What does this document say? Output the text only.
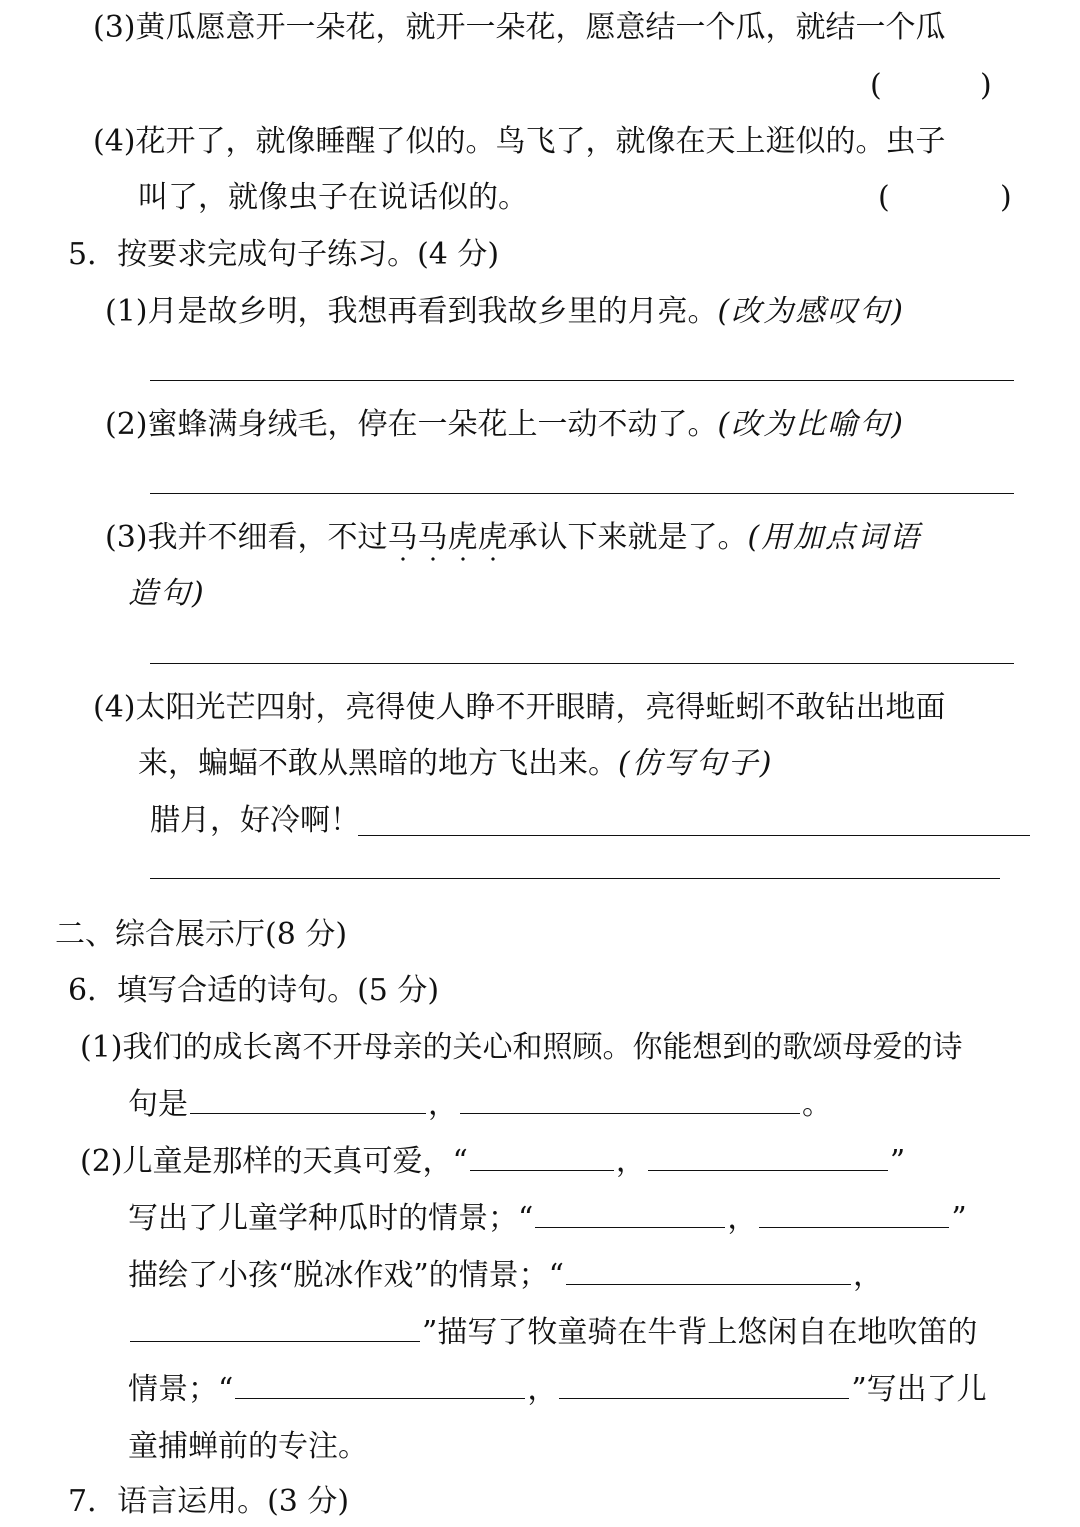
(3)黄瓜愿意开一朵花，就开一朵花，愿意结一个瓜，就结一个瓜
(	)
(4)花开了，就像睡醒了似的。鸟飞了，就像在天上逛似的。虫子
叫了，就像虫子在说话似的。	(	)
5．按要求完成句子练习。(4 分)
(1)月是故乡明，我想再看到我故乡里的月亮。(改为感叹句)
(2)蜜蜂满身绒毛，停在一朵花上一动不动了。(改为比喻句)
(3)我并不细看，不过马马虎虎承认下来就是了。(用加点词语
造句)
(4)太阳光芒四射，亮得使人睁不开眼睛，亮得蚯蚓不敢钻出地面
来，蝙蝠不敢从黑暗的地方飞出来。(仿写句子)
腊月，好冷啊！
二、综合展示厅(8 分)
6．填写合适的诗句。(5 分)
(1)我们的成长离不开母亲的关心和照顾。你能想到的歌颂母爱的诗
句是	，	。
(2)儿童是那样的天真可爱，“	，	”
写出了儿童学种瓜时的情景；“	，	”
描绘了小孩“脱冰作戏”的情景；“	，
”描写了牧童骑在牛背上悠闲自在地吹笛的
情景；“	，	”写出了儿
童捕蝉前的专注。
7．语言运用。(3 分)
